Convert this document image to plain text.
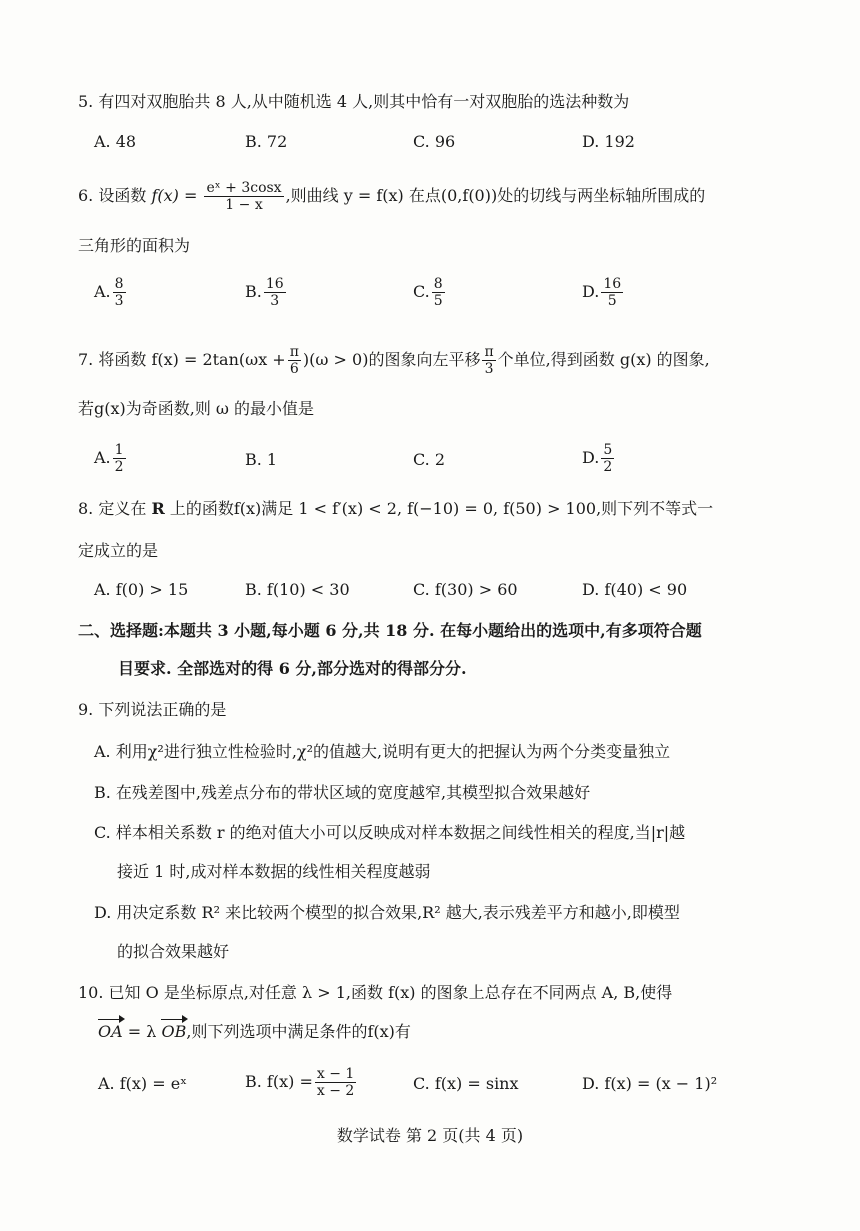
5. 有四对双胞胎共 8 人,从中随机选 4 人,则其中恰有一对双胞胎的选法种数为
A. 48	B. 72	C. 96	D. 192
6. 设函数 $f(x) = \frac{\text{eˣ + 3cosx}}{1 - x}$ ,则曲线 y = f(x) 在点(0,f(0))处的切线与两坐标轴所围成的
三角形的面积为
A. $\frac{8}{3}$	B. $\frac{16}{3}$	C. $\frac{8}{5}$	D. $\frac{16}{5}$
7. 将函数 $f(x) = 2\tan(\omega x + \frac{\pi}{6} )(\omega > 0)$的图象向左平移 $\frac{\pi}{3}$ 个单位,得到函数 g(x) 的图象,
若g(x)为奇函数,则 ω 的最小值是
A. $\frac{1}{2}$	B. 1	C. 2	D. $\frac{5}{2}$
8. 定义在 R 上的函数f(x)满足 1 < f′(x) < 2, f(−10) = 0, f(50) > 100,则下列不等式一
定成立的是
A. f(0) > 15	B. f(10) < 30	C. f(30) > 60	D. f(40) < 90
二、选择题:本题共 3 小题,每小题 6 分,共 18 分. 在每小题给出的选项中,有多项符合题
目要求. 全部选对的得 6 分,部分选对的得部分分.
9. 下列说法正确的是
A. 利用χ²进行独立性检验时,χ²的值越大,说明有更大的把握认为两个分类变量独立
B. 在残差图中,残差点分布的带状区域的宽度越窄,其模型拟合效果越好
C. 样本相关系数 r 的绝对值大小可以反映成对样本数据之间线性相关的程度,当|r|越
接近 1 时,成对样本数据的线性相关程度越弱
D. 用决定系数 R² 来比较两个模型的拟合效果,R² 越大,表示残差平方和越小,即模型
的拟合效果越好
10. 已知 O 是坐标原点,对任意 λ > 1,函数 f(x) 的图象上总存在不同两点 A, B,使得
OA = λ OB,则下列选项中满足条件的f(x)有
A. f(x) = eˣ	B. $f(x) = \frac{x - 1}{x - 2}$	C. f(x) = sinx	D. f(x) = (x − 1)²
数学试卷 第 2 页(共 4 页)
